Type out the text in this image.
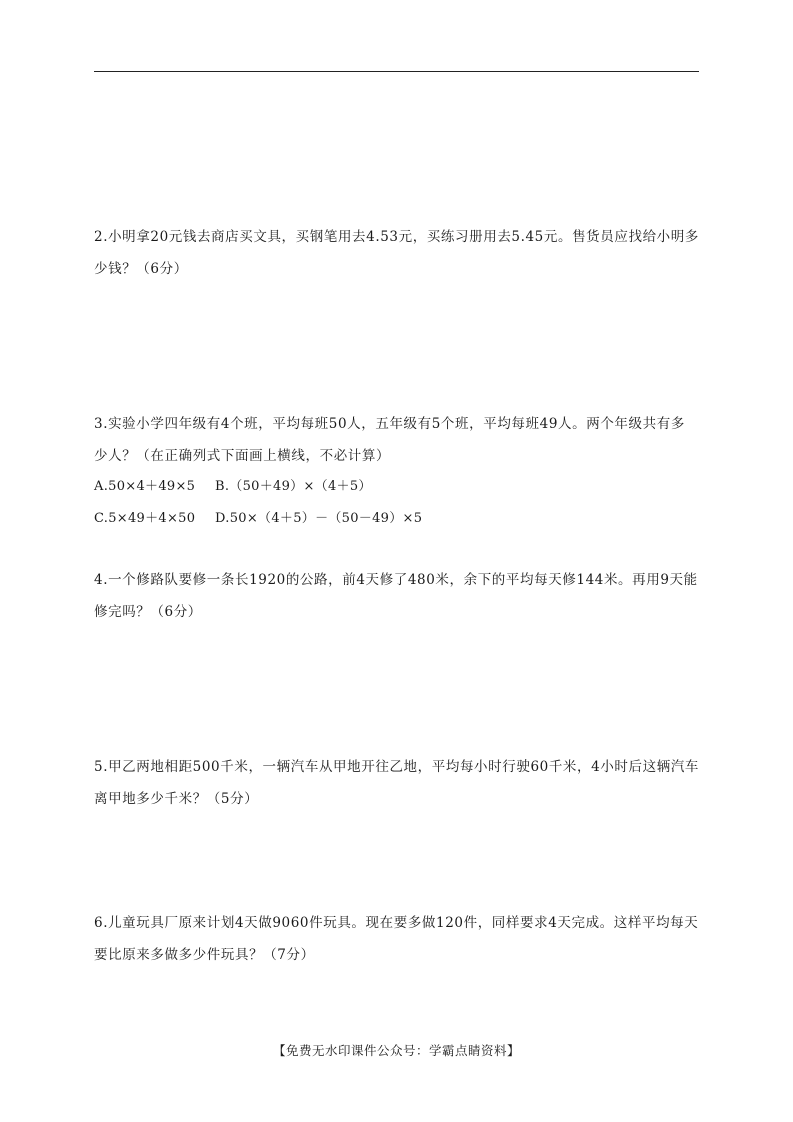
2.小明拿20元钱去商店买文具，买钢笔用去4.53元，买练习册用去5.45元。售货员应找给小明多
少钱？（6分）
3.实验小学四年级有4个班，平均每班50人，五年级有5个班，平均每班49人。两个年级共有多
少人？（在正确列式下面画上横线，不必计算）
A.50×4＋49×5 B.（50＋49）×（4＋5）
C.5×49＋4×50 D.50×（4＋5）－（50－49）×5
4.一个修路队要修一条长1920的公路，前4天修了480米，余下的平均每天修144米。再用9天能
修完吗？（6分）
5.甲乙两地相距500千米，一辆汽车从甲地开往乙地，平均每小时行驶60千米，4小时后这辆汽车
离甲地多少千米？（5分）
6.儿童玩具厂原来计划4天做9060件玩具。现在要多做120件，同样要求4天完成。这样平均每天
要比原来多做多少件玩具？（7分）
【免费无水印课件公众号：学霸点睛资料】
